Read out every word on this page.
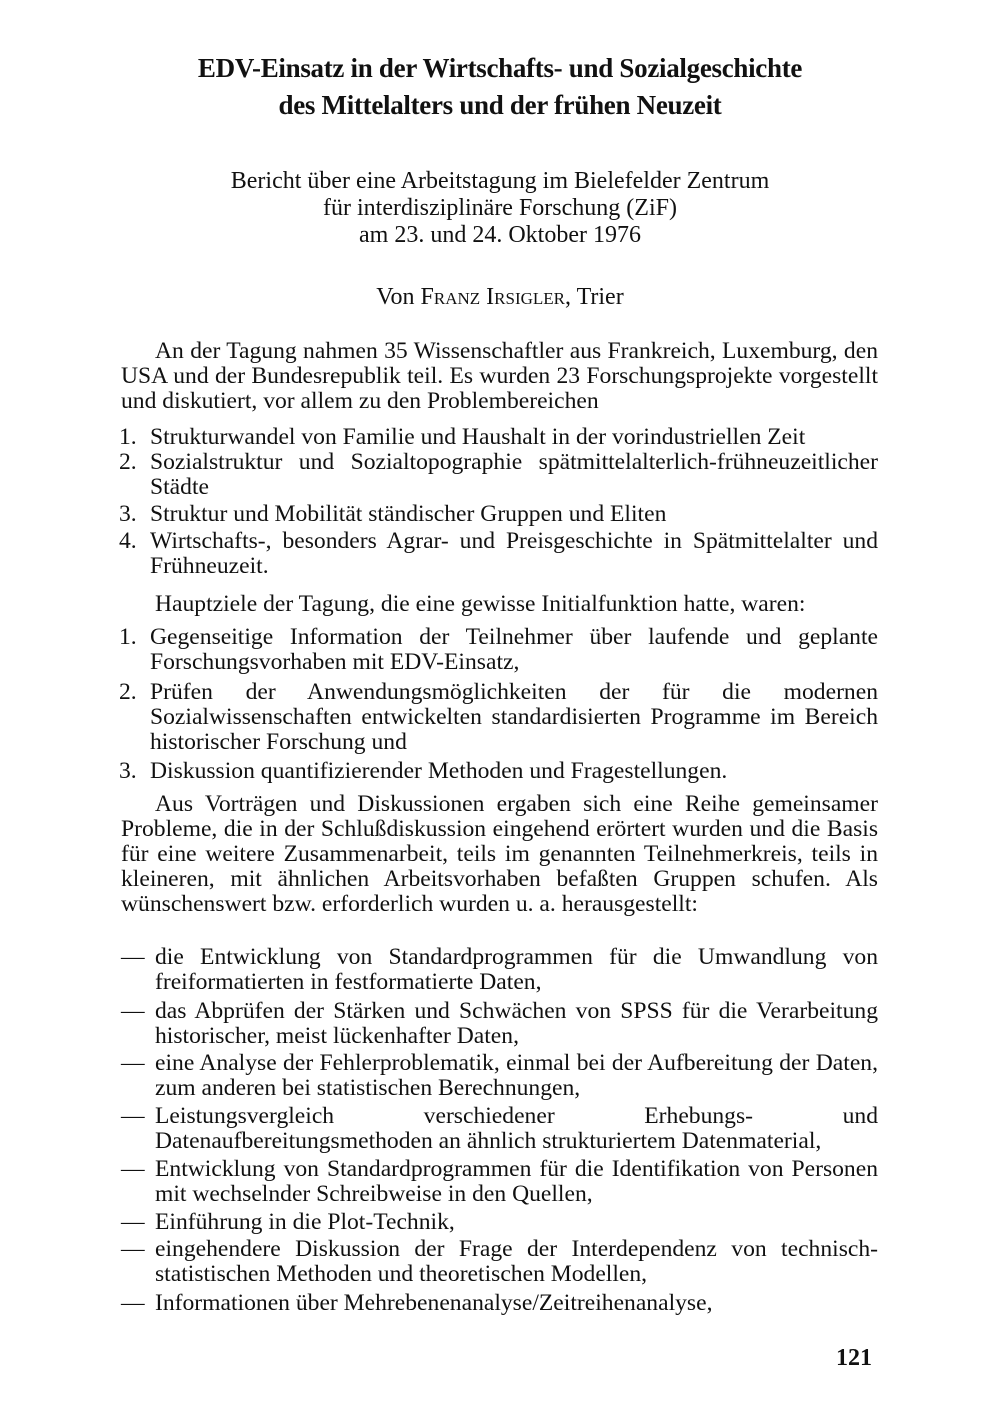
EDV-Einsatz in der Wirtschafts- und Sozialgeschichte
des Mittelalters und der frühen Neuzeit
Bericht über eine Arbeitstagung im Bielefelder Zentrum
für interdisziplinäre Forschung (ZiF)
am 23. und 24. Oktober 1976
Von Franz Irsigler, Trier

An der Tagung nahmen 35 Wissenschaftler aus Frankreich, Luxemburg, den USA und der Bundesrepublik teil. Es wurden 23 Forschungsprojekte vorgestellt und diskutiert, vor allem zu den Problembereichen

1. Strukturwandel von Familie und Haushalt in der vorindustriellen Zeit
2. Sozialstruktur und Sozialtopographie spätmittelalterlich-frühneuzeitlicher Städte
3. Struktur und Mobilität ständischer Gruppen und Eliten
4. Wirtschafts-, besonders Agrar- und Preisgeschichte in Spätmittelalter und Frühneuzeit.

Hauptziele der Tagung, die eine gewisse Initialfunktion hatte, waren:

1. Gegenseitige Information der Teilnehmer über laufende und geplante Forschungsvorhaben mit EDV-Einsatz,
2. Prüfen der Anwendungsmöglichkeiten der für die modernen Sozialwissenschaften entwickelten standardisierten Programme im Bereich historischer Forschung und
3. Diskussion quantifizierender Methoden und Fragestellungen.

Aus Vorträgen und Diskussionen ergaben sich eine Reihe gemeinsamer Probleme, die in der Schlußdiskussion eingehend erörtert wurden und die Basis für eine weitere Zusammenarbeit, teils im genannten Teilnehmerkreis, teils in kleineren, mit ähnlichen Arbeitsvorhaben befaßten Gruppen schufen. Als wünschenswert bzw. erforderlich wurden u. a. herausgestellt:

— die Entwicklung von Standardprogrammen für die Umwandlung von freiformatierten in festformatierte Daten,
— das Abprüfen der Stärken und Schwächen von SPSS für die Verarbeitung historischer, meist lückenhafter Daten,
— eine Analyse der Fehlerproblematik, einmal bei der Aufbereitung der Daten, zum anderen bei statistischen Berechnungen,
— Leistungsvergleich verschiedener Erhebungs- und Datenaufbereitungsmethoden an ähnlich strukturiertem Datenmaterial,
— Entwicklung von Standardprogrammen für die Identifikation von Personen mit wechselnder Schreibweise in den Quellen,
— Einführung in die Plot-Technik,
— eingehendere Diskussion der Frage der Interdependenz von technisch-statistischen Methoden und theoretischen Modellen,
— Informationen über Mehrebenenanalyse/Zeitreihenanalyse,
121
